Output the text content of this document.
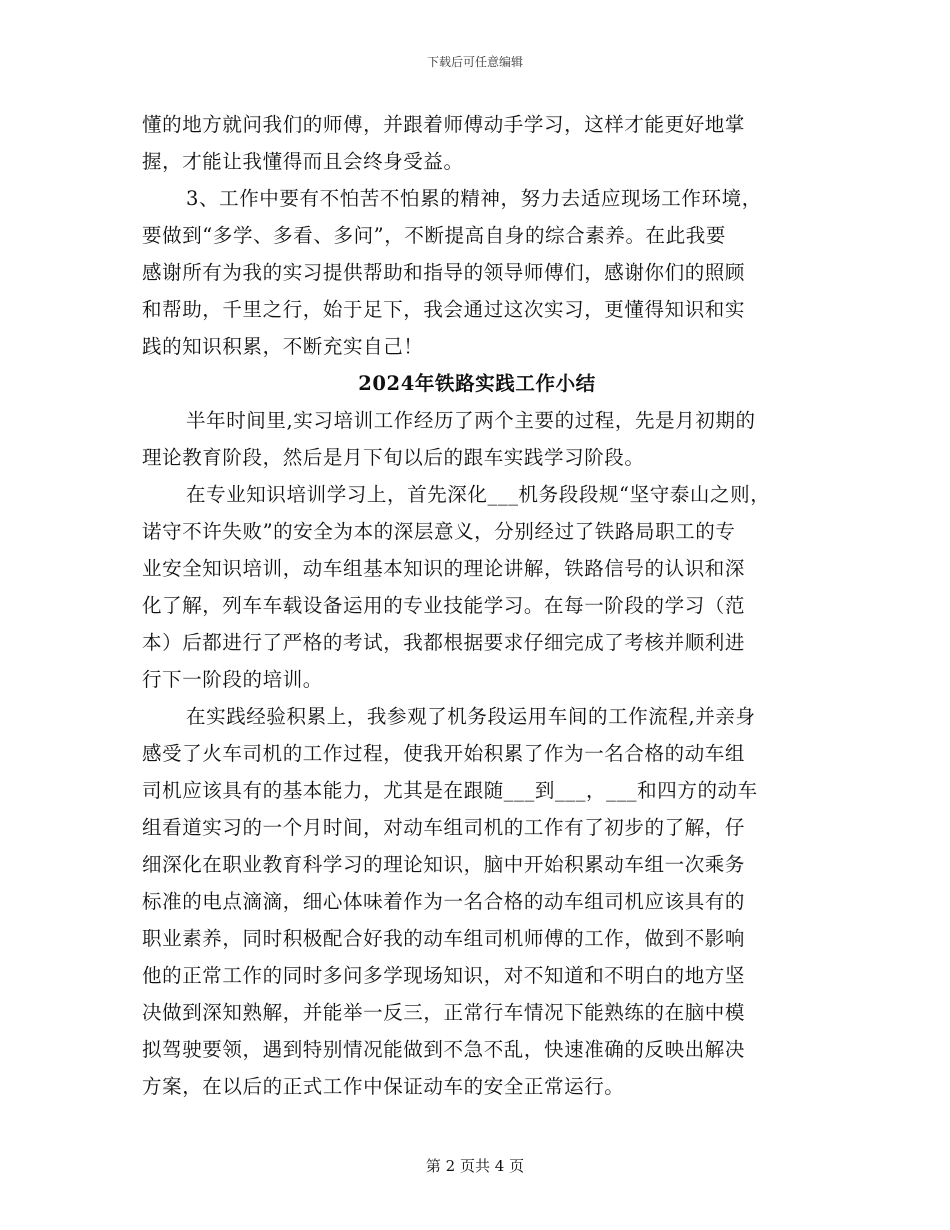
下载后可任意编辑
懂的地方就问我们的师傅，并跟着师傅动手学习，这样才能更好地掌
握，才能让我懂得而且会终身受益。
3、工作中要有不怕苦不怕累的精神，努力去适应现场工作环境，
要做到“多学、多看、多问”，不断提高自身的综合素养。在此我要
感谢所有为我的实习提供帮助和指导的领导师傅们，感谢你们的照顾
和帮助，千里之行，始于足下，我会通过这次实习，更懂得知识和实
践的知识积累，不断充实自己！
2024年铁路实践工作小结
半年时间里,实习培训工作经历了两个主要的过程，先是月初期的
理论教育阶段，然后是月下旬以后的跟车实践学习阶段。
在专业知识培训学习上，首先深化___机务段段规“坚守泰山之则，
诺守不许失败”的安全为本的深层意义，分别经过了铁路局职工的专
业安全知识培训，动车组基本知识的理论讲解，铁路信号的认识和深
化了解，列车车载设备运用的专业技能学习。在每一阶段的学习（范
本）后都进行了严格的考试，我都根据要求仔细完成了考核并顺利进
行下一阶段的培训。
在实践经验积累上，我参观了机务段运用车间的工作流程,并亲身
感受了火车司机的工作过程，使我开始积累了作为一名合格的动车组
司机应该具有的基本能力，尤其是在跟随___到___，___和四方的动车
组看道实习的一个月时间，对动车组司机的工作有了初步的了解，仔
细深化在职业教育科学习的理论知识，脑中开始积累动车组一次乘务
标准的电点滴滴，细心体味着作为一名合格的动车组司机应该具有的
职业素养，同时积极配合好我的动车组司机师傅的工作，做到不影响
他的正常工作的同时多问多学现场知识，对不知道和不明白的地方坚
决做到深知熟解，并能举一反三，正常行车情况下能熟练的在脑中模
拟驾驶要领，遇到特别情况能做到不急不乱，快速准确的反映出解决
方案，在以后的正式工作中保证动车的安全正常运行。
第 2 页共 4 页
